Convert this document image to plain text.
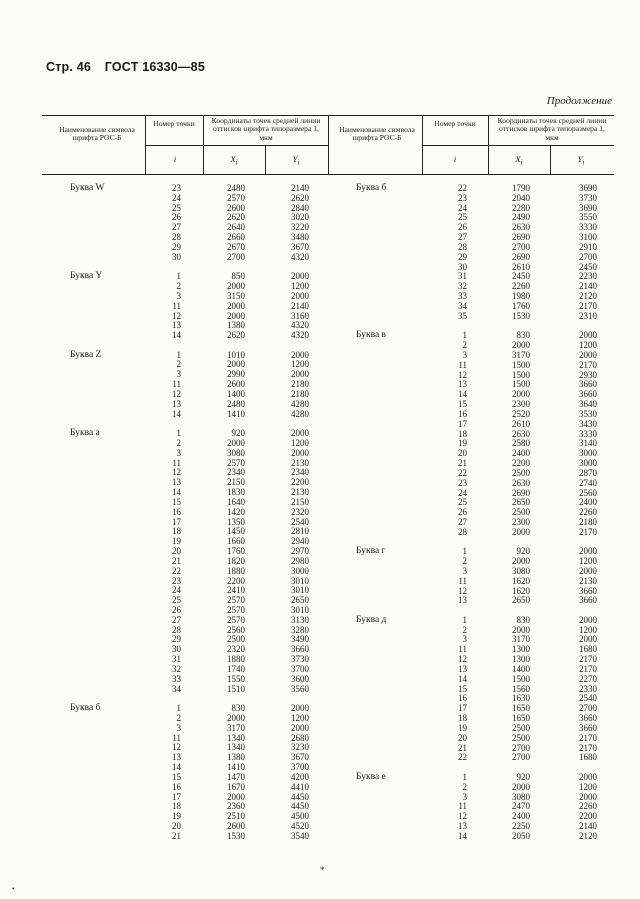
Стр. 46 ГОСТ 16330—85
Продолжение
Наименование символа шрифта РОС-Б
Номер точки	Координаты точек средней линии оттисков шрифта типоразмера 1, мкм
i	$X_i$	$Y_i$
Наименование символа шрифта РОС-Б
Номер точки	Координаты точек средней линии оттисков шрифта типоразмера 1, мкм
i	$X_i$	$Y_i$
Буква W	23	2480	2140
24	2570	2620
25	2600	2840
26	2620	3020
27	2640	3220
28	2660	3480
29	2670	3670
30	2700	4320
Буква Y	1	850	2000
2	2000	1200
3	3150	2000
11	2000	2140
12	2000	3160
13	1380	4320
14	2620	4320
Буква Z	1	1010	2000
2	2000	1200
3	2990	2000
11	2600	2180
12	1400	2180
13	2480	4280
14	1410	4280
Буква a	1	920	2000
2	2000	1200
3	3080	2000
11	2570	2130
12	2340	2340
13	2150	2200
14	1830	2130
15	1640	2150
16	1420	2320
17	1350	2540
18	1450	2810
19	1660	2940
20	1760	2970
21	1820	2980
22	1880	3000
23	2200	3010
24	2410	3010
25	2570	2650
26	2570	3010
27	2570	3130
28	2560	3280
29	2500	3490
30	2320	3660
31	1880	3730
32	1740	3700
33	1550	3600
34	1510	3560
Буква б	1	830	2000
2	2000	1200
3	3170	2000
11	1340	2680
12	1340	3230
13	1380	3670
14	1410	3700
15	1470	4200
16	1670	4410
17	2000	4450
18	2360	4450
19	2510	4500
20	2600	4520
21	1530	3540
Буква б	22	1790	3690
23	2040	3730
24	2280	3690
25	2490	3550
26	2630	3330
27	2690	3100
28	2700	2910
29	2690	2700
30	2610	2450
31	2450	2230
32	2260	2140
33	1980	2120
34	1760	2170
35	1530	2310
Буква в	1	830	2000
2	2000	1200
3	3170	2000
11	1500	2170
12	1500	2930
13	1500	3660
14	2000	3660
15	2300	3640
16	2520	3530
17	2610	3430
18	2630	3330
19	2580	3140
20	2400	3000
21	2200	3000
22	2500	2870
23	2630	2740
24	2690	2560
25	2650	2400
26	2500	2260
27	2300	2180
28	2000	2170
Буква г	1	920	2000
2	2000	1200
3	3080	2000
11	1620	2130
12	1620	3660
13	2650	3660
Буква д	1	830	2000
2	2000	1200
3	3170	2000
11	1300	1680
12	1300	2170
13	1400	2170
14	1500	2270
15	1560	2330
16	1630	2540
17	1650	2700
18	1650	3660
19	2500	3660
20	2500	2170
21	2700	2170
22	2700	1680
Буква е	1	920	2000
2	2000	1200
3	3080	2000
11	2470	2260
12	2400	2200
13	2250	2140
14	2050	2120
*
•
